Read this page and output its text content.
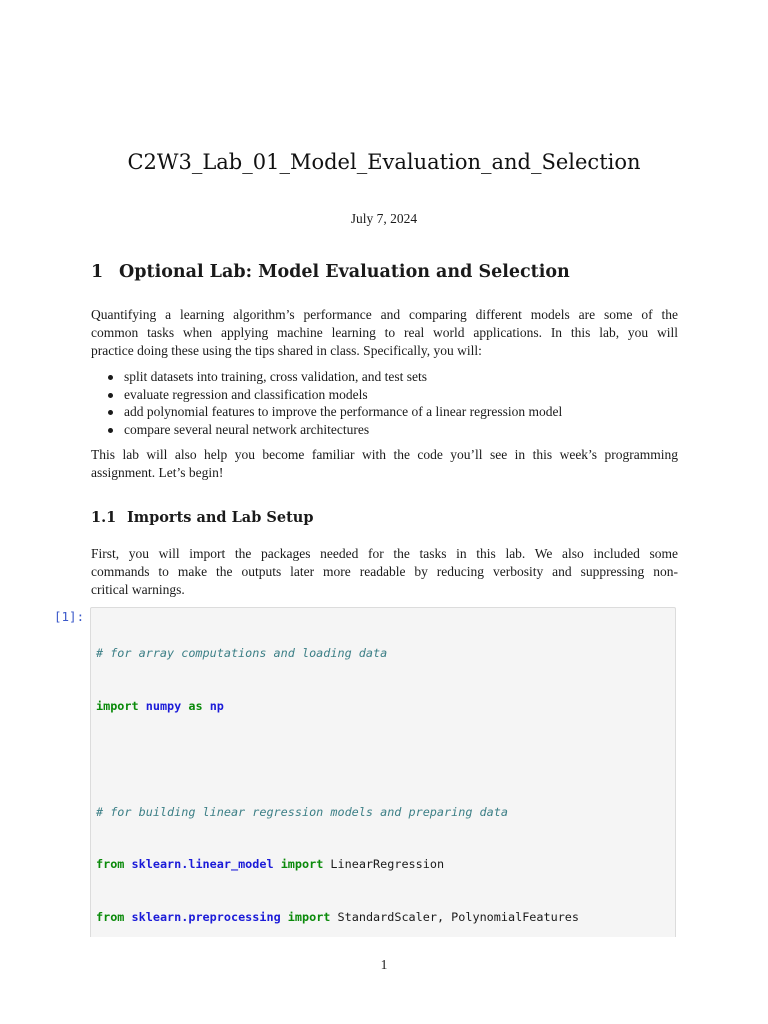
C2W3_Lab_01_Model_Evaluation_and_Selection
July 7, 2024
1 Optional Lab: Model Evaluation and Selection
Quantifying a learning algorithm’s performance and comparing different models are some of the
common tasks when applying machine learning to real world applications. In this lab, you will
practice doing these using the tips shared in class. Specifically, you will:
split datasets into training, cross validation, and test sets
evaluate regression and classification models
add polynomial features to improve the performance of a linear regression model
compare several neural network architectures
This lab will also help you become familiar with the code you’ll see in this week’s programming
assignment. Let’s begin!
1.1 Imports and Lab Setup
First, you will import the packages needed for the tasks in this lab. We also included some
commands to make the outputs later more readable by reducing verbosity and suppressing non-
critical warnings.
[1]:

# for array computations and loading data

import numpy as np

# for building linear regression models and preparing data

from sklearn.linear_model import LinearRegression

from sklearn.preprocessing import StandardScaler, PolynomialFeatures

1
